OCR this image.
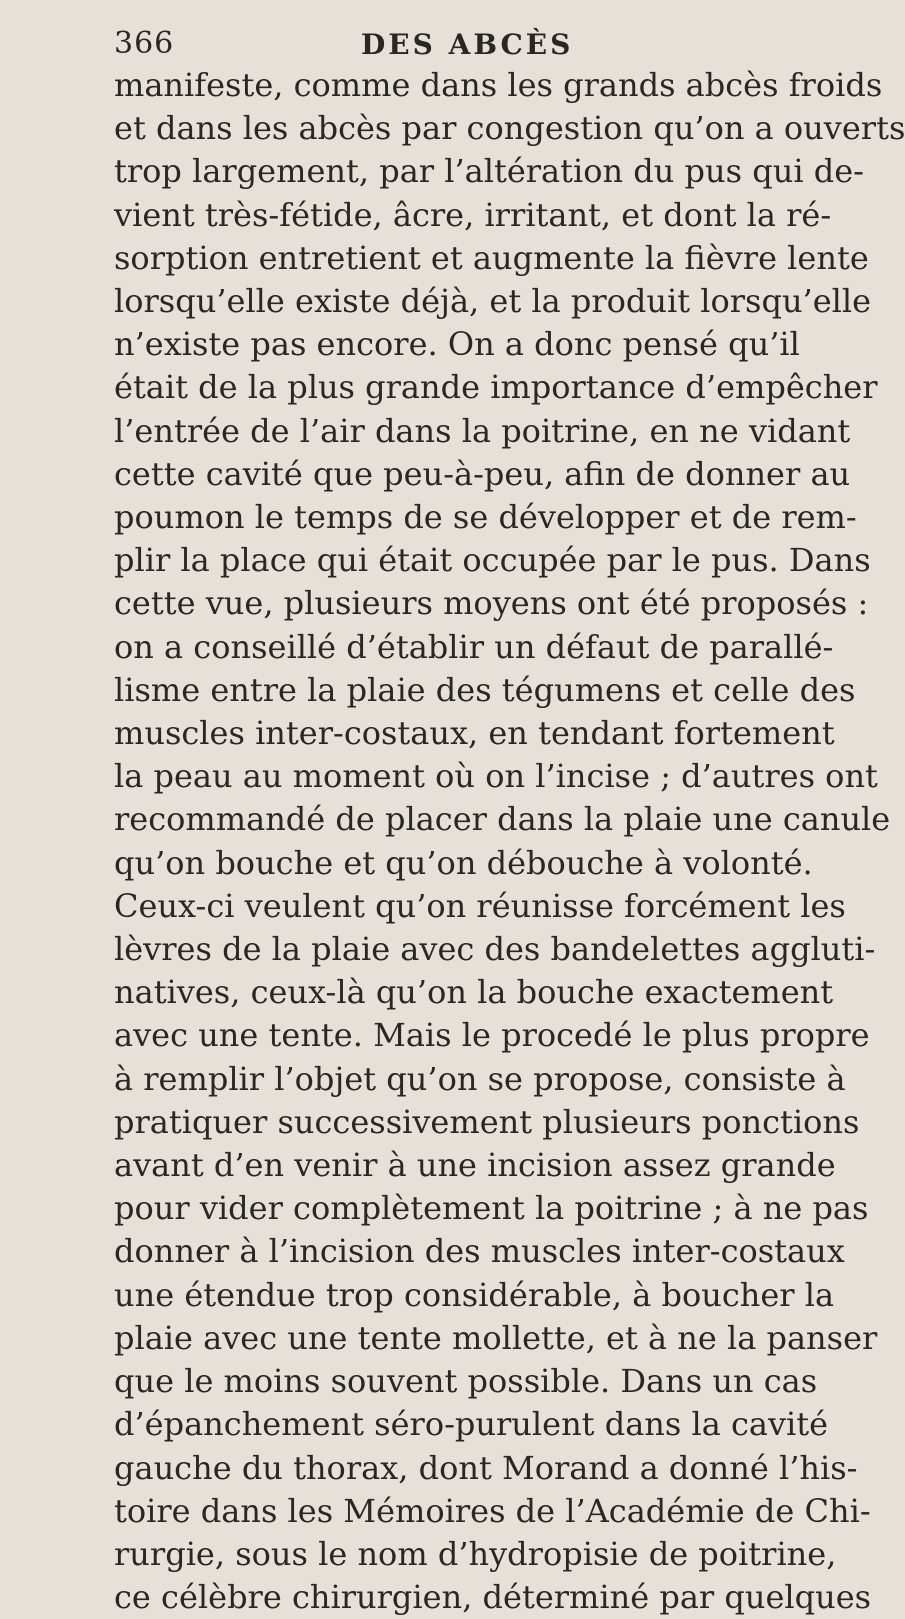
366	DES ABCÈS

manifeste, comme dans les grands abcès froids
et dans les abcès par congestion qu’on a ouverts
trop largement, par l’altération du pus qui de-
vient très-fétide, âcre, irritant, et dont la ré-
sorption entretient et augmente la fièvre lente
lorsqu’elle existe déjà, et la produit lorsqu’elle
n’existe pas encore. On a donc pensé qu’il
était de la plus grande importance d’empêcher
l’entrée de l’air dans la poitrine, en ne vidant
cette cavité que peu-à-peu, afin de donner au
poumon le temps de se développer et de rem-
plir la place qui était occupée par le pus. Dans
cette vue, plusieurs moyens ont été proposés :
on a conseillé d’établir un défaut de parallé-
lisme entre la plaie des tégumens et celle des
muscles inter-costaux, en tendant fortement
la peau au moment où on l’incise ; d’autres ont
recommandé de placer dans la plaie une canule
qu’on bouche et qu’on débouche à volonté.
Ceux-ci veulent qu’on réunisse forcément les
lèvres de la plaie avec des bandelettes aggluti-
natives, ceux-là qu’on la bouche exactement
avec une tente. Mais le procedé le plus propre
à remplir l’objet qu’on se propose, consiste à
pratiquer successivement plusieurs ponctions
avant d’en venir à une incision assez grande
pour vider complètement la poitrine ; à ne pas
donner à l’incision des muscles inter-costaux
une étendue trop considérable, à boucher la
plaie avec une tente mollette, et à ne la panser
que le moins souvent possible. Dans un cas
d’épanchement séro-purulent dans la cavité
gauche du thorax, dont Morand a donné l’his-
toire dans les Mémoires de l’Académie de Chi-
rurgie, sous le nom d’hydropisie de poitrine,
ce célèbre chirurgien, déterminé par quelques
